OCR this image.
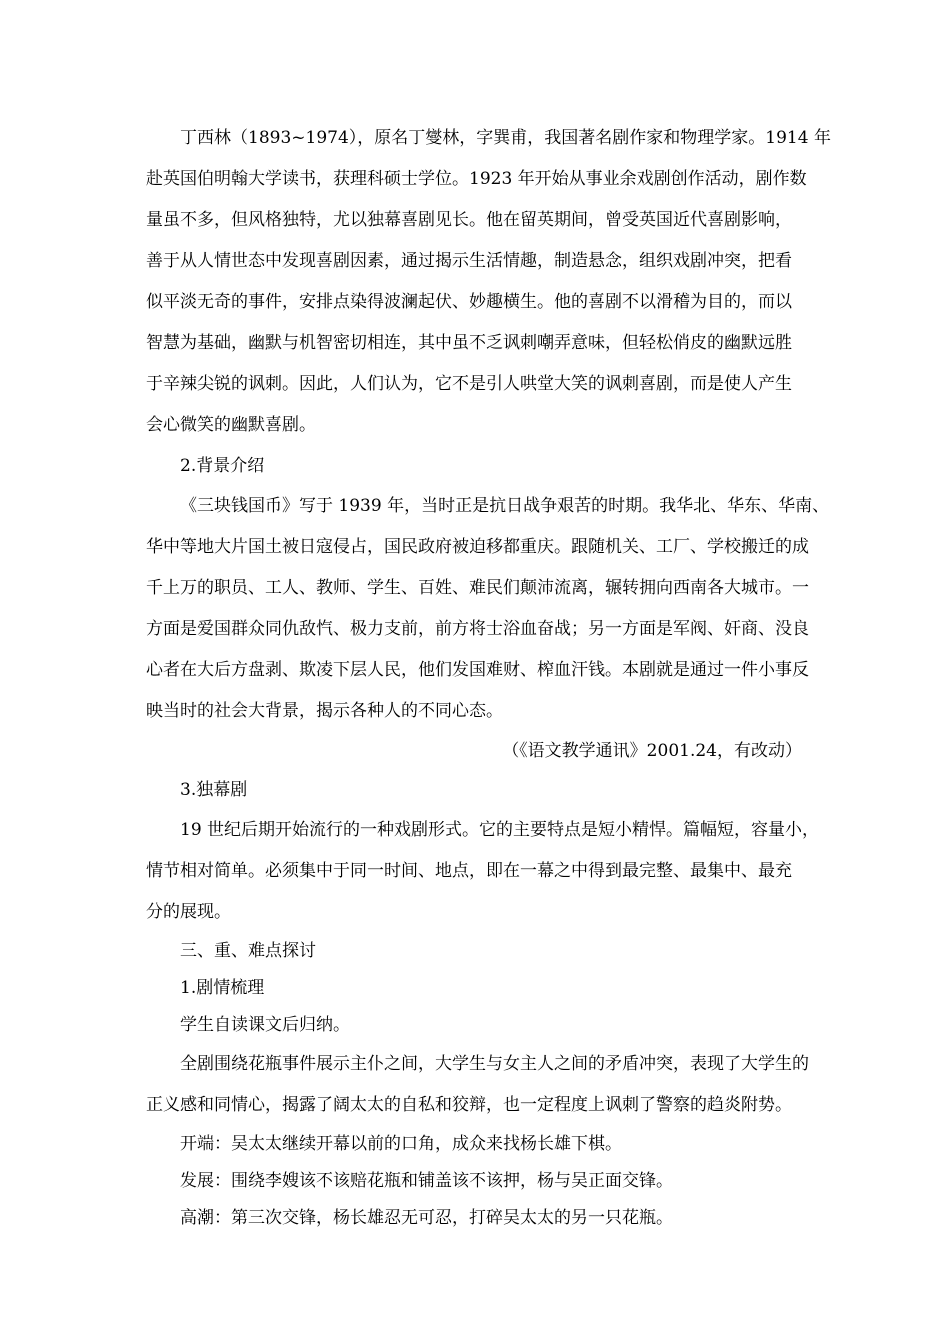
丁西林（1893~1974），原名丁燮林，字巽甫，我国著名剧作家和物理学家。1914 年
赴英国伯明翰大学读书，获理科硕士学位。1923 年开始从事业余戏剧创作活动，剧作数
量虽不多，但风格独特，尤以独幕喜剧见长。他在留英期间，曾受英国近代喜剧影响，
善于从人情世态中发现喜剧因素，通过揭示生活情趣，制造悬念，组织戏剧冲突，把看
似平淡无奇的事件，安排点染得波澜起伏、妙趣横生。他的喜剧不以滑稽为目的，而以
智慧为基础，幽默与机智密切相连，其中虽不乏讽刺嘲弄意味，但轻松俏皮的幽默远胜
于辛辣尖锐的讽刺。因此，人们认为，它不是引人哄堂大笑的讽刺喜剧，而是使人产生
会心微笑的幽默喜剧。
2.背景介绍
《三块钱国币》写于 1939 年，当时正是抗日战争艰苦的时期。我华北、华东、华南、
华中等地大片国土被日寇侵占，国民政府被迫移都重庆。跟随机关、工厂、学校搬迁的成
千上万的职员、工人、教师、学生、百姓、难民们颠沛流离，辗转拥向西南各大城市。一
方面是爱国群众同仇敌忾、极力支前，前方将士浴血奋战；另一方面是军阀、奸商、没良
心者在大后方盘剥、欺凌下层人民，他们发国难财、榨血汗钱。本剧就是通过一件小事反
映当时的社会大背景，揭示各种人的不同心态。
（《语文教学通讯》2001.24，有改动）
3.独幕剧
19 世纪后期开始流行的一种戏剧形式。它的主要特点是短小精悍。篇幅短，容量小，
情节相对简单。必须集中于同一时间、地点，即在一幕之中得到最完整、最集中、最充
分的展现。
三、重、难点探讨
1.剧情梳理
学生自读课文后归纳。
全剧围绕花瓶事件展示主仆之间，大学生与女主人之间的矛盾冲突，表现了大学生的
正义感和同情心，揭露了阔太太的自私和狡辩，也一定程度上讽刺了警察的趋炎附势。
开端：吴太太继续开幕以前的口角，成众来找杨长雄下棋。
发展：围绕李嫂该不该赔花瓶和铺盖该不该押，杨与吴正面交锋。
高潮：第三次交锋，杨长雄忍无可忍，打碎吴太太的另一只花瓶。
